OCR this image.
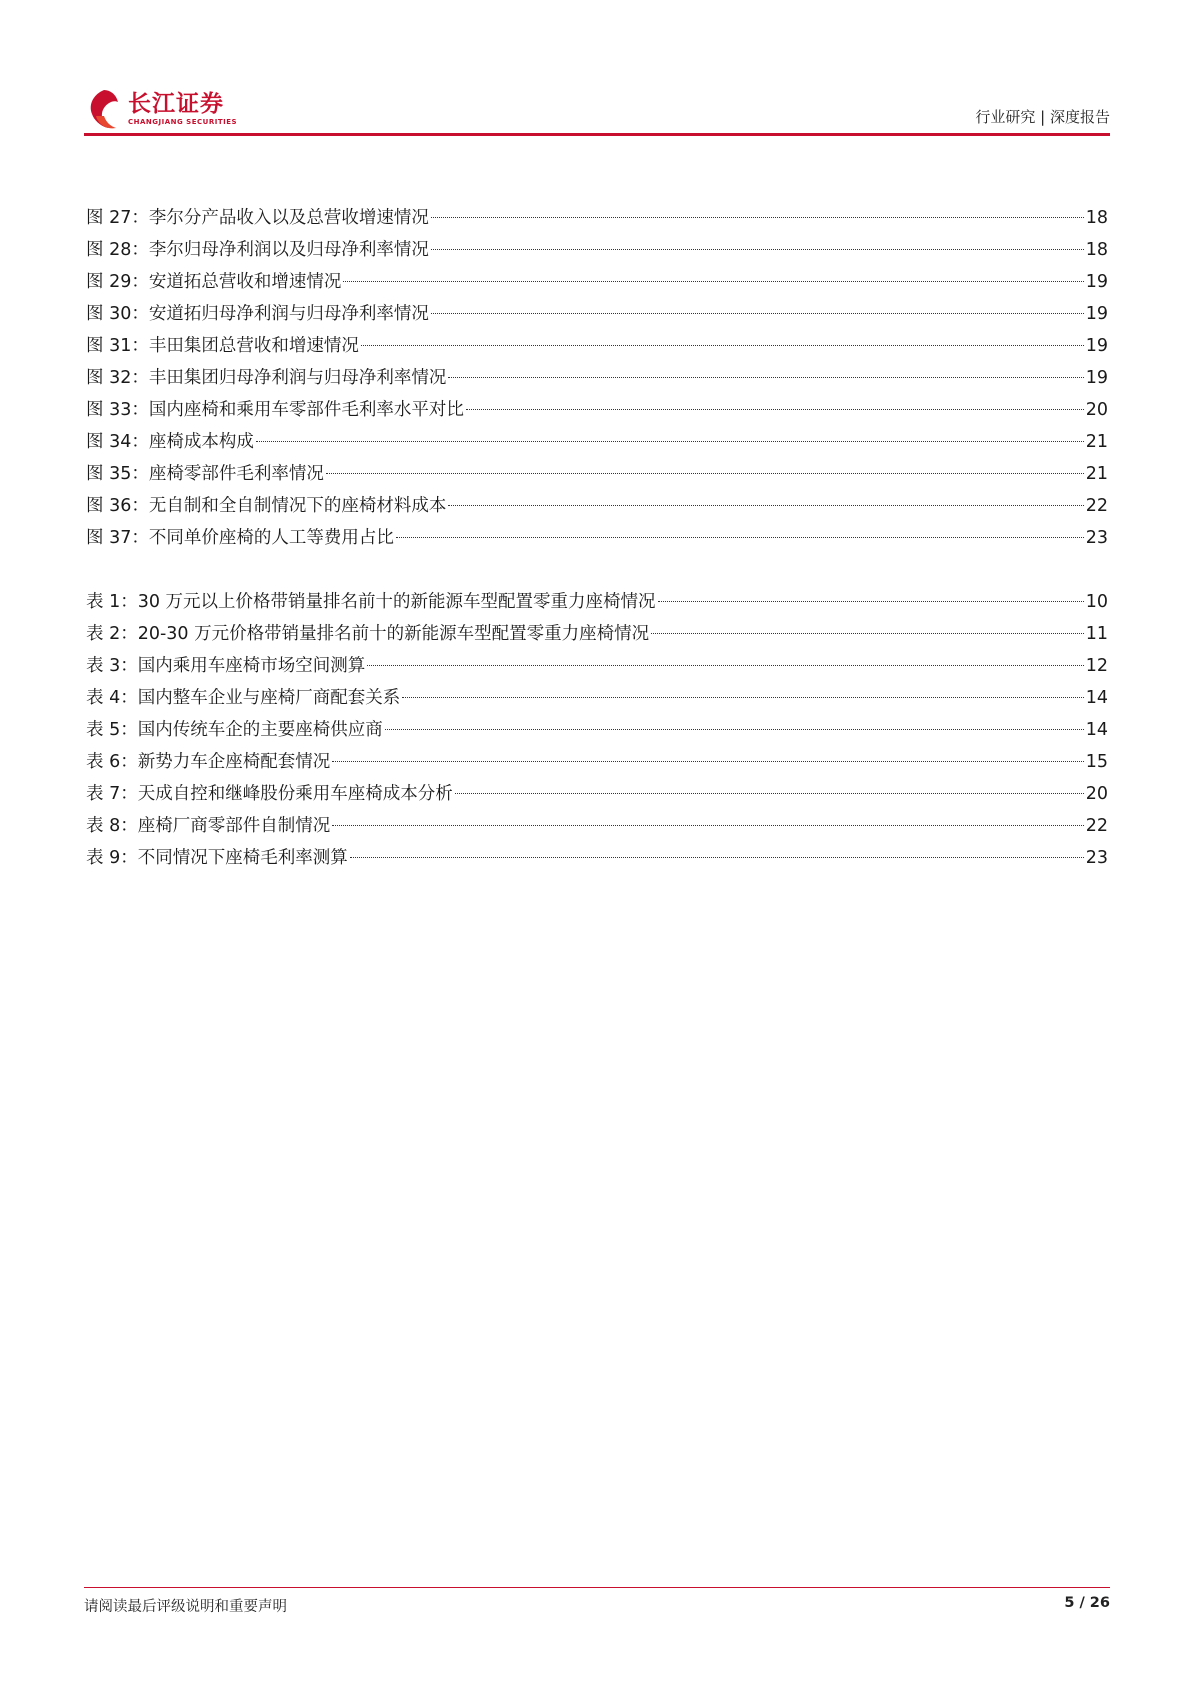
长江证券
CHANGJIANG SECURITIES	行业研究 | 深度报告
图 27：李尔分产品收入以及总营收增速情况	18
图 28：李尔归母净利润以及归母净利率情况	18
图 29：安道拓总营收和增速情况	19
图 30：安道拓归母净利润与归母净利率情况	19
图 31：丰田集团总营收和增速情况	19
图 32：丰田集团归母净利润与归母净利率情况	19
图 33：国内座椅和乘用车零部件毛利率水平对比	20
图 34：座椅成本构成	21
图 35：座椅零部件毛利率情况	21
图 36：无自制和全自制情况下的座椅材料成本	22
图 37：不同单价座椅的人工等费用占比	23
表 1：30 万元以上价格带销量排名前十的新能源车型配置零重力座椅情况	10
表 2：20-30 万元价格带销量排名前十的新能源车型配置零重力座椅情况	11
表 3：国内乘用车座椅市场空间测算	12
表 4：国内整车企业与座椅厂商配套关系	14
表 5：国内传统车企的主要座椅供应商	14
表 6：新势力车企座椅配套情况	15
表 7：天成自控和继峰股份乘用车座椅成本分析	20
表 8：座椅厂商零部件自制情况	22
表 9：不同情况下座椅毛利率测算	23
请阅读最后评级说明和重要声明	5 / 26
